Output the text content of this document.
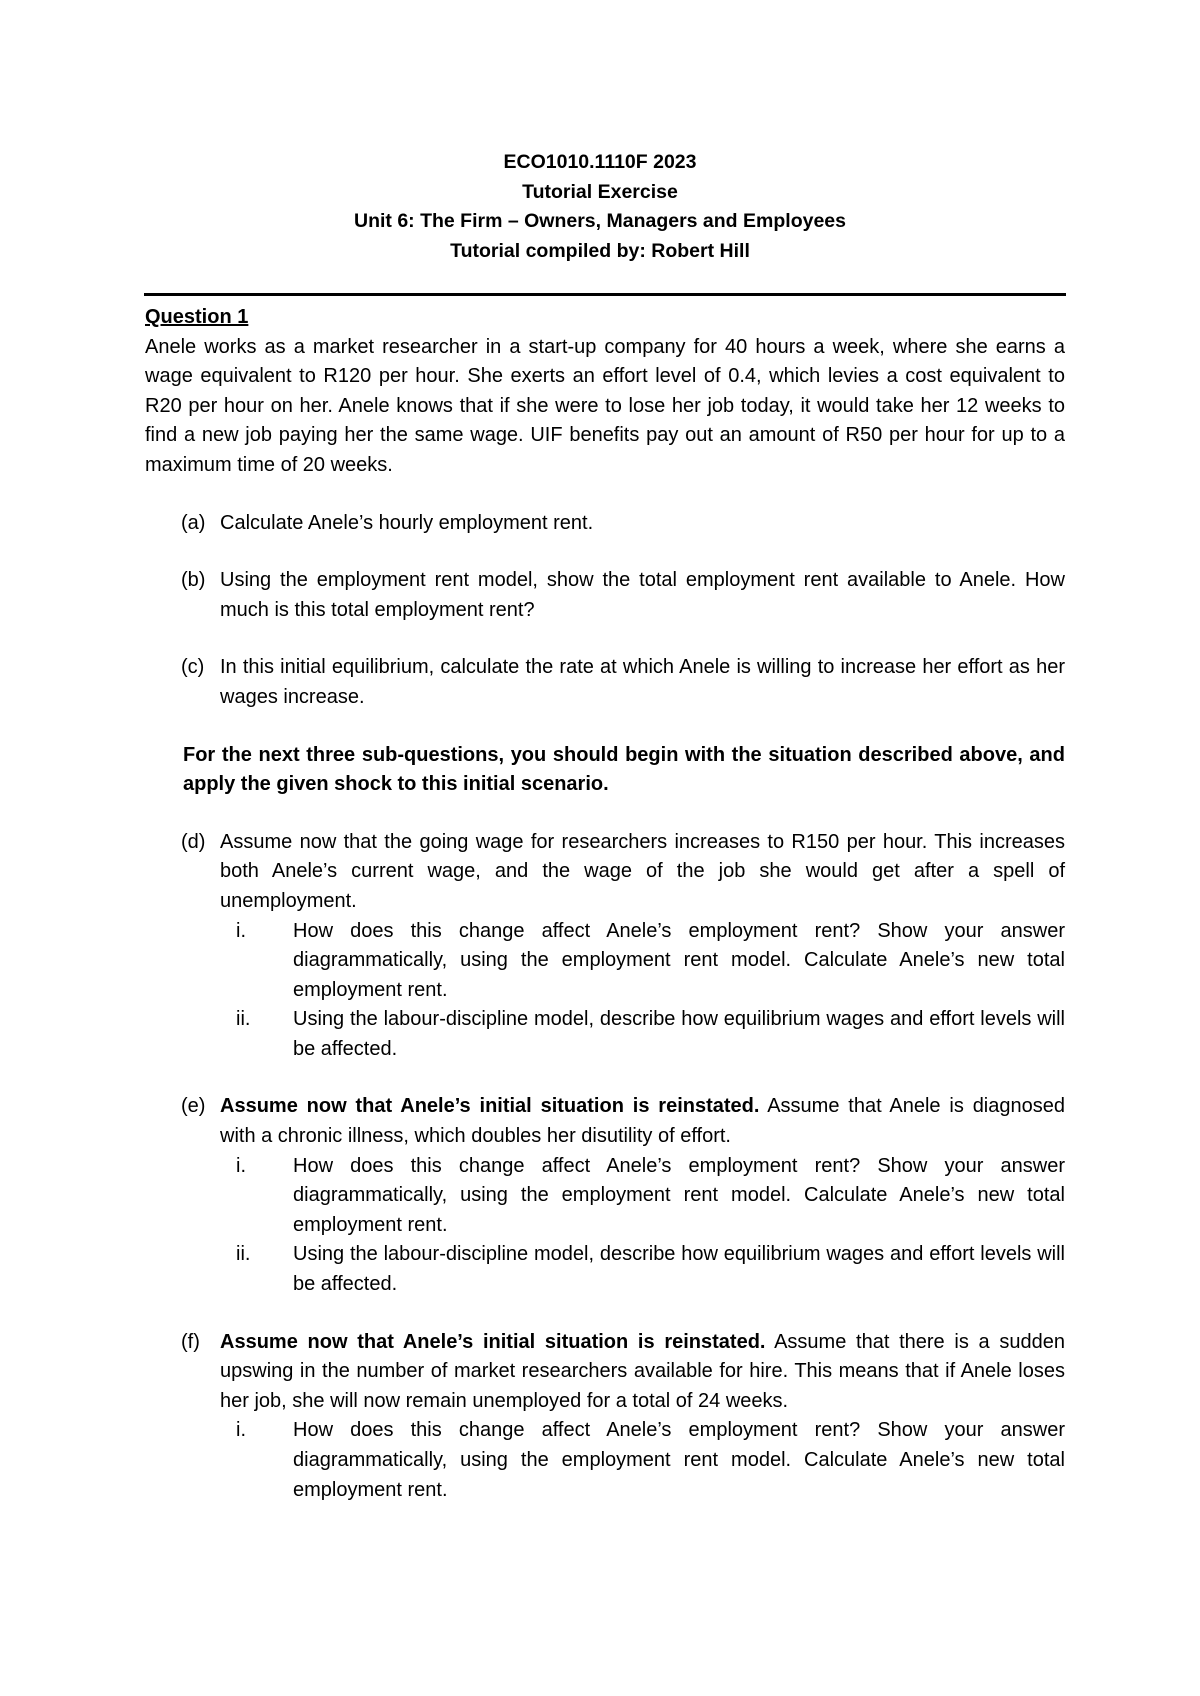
ECO1010.1110F 2023
Tutorial Exercise
Unit 6: The Firm – Owners, Managers and Employees
Tutorial compiled by: Robert Hill
Question 1

Anele works as a market researcher in a start-up company for 40 hours a week, where she earns a wage equivalent to R120 per hour. She exerts an effort level of 0.4, which levies a cost equivalent to R20 per hour on her. Anele knows that if she were to lose her job today, it would take her 12 weeks to find a new job paying her the same wage. UIF benefits pay out an amount of R50 per hour for up to a maximum time of 20 weeks.

(a) Calculate Anele’s hourly employment rent.
(b) Using the employment rent model, show the total employment rent available to Anele. How much is this total employment rent?
(c) In this initial equilibrium, calculate the rate at which Anele is willing to increase her effort as her wages increase.
For the next three sub-questions, you should begin with the situation described above, and apply the given shock to this initial scenario.
(d) Assume now that the going wage for researchers increases to R150 per hour. This increases both Anele’s current wage, and the wage of the job she would get after a spell of unemployment.
i. How does this change affect Anele’s employment rent? Show your answer diagrammatically, using the employment rent model. Calculate Anele’s new total employment rent.
ii. Using the labour-discipline model, describe how equilibrium wages and effort levels will be affected.
(e) Assume now that Anele’s initial situation is reinstated. Assume that Anele is diagnosed with a chronic illness, which doubles her disutility of effort.
i. How does this change affect Anele’s employment rent? Show your answer diagrammatically, using the employment rent model. Calculate Anele’s new total employment rent.
ii. Using the labour-discipline model, describe how equilibrium wages and effort levels will be affected.
(f) Assume now that Anele’s initial situation is reinstated. Assume that there is a sudden upswing in the number of market researchers available for hire. This means that if Anele loses her job, she will now remain unemployed for a total of 24 weeks.
i. How does this change affect Anele’s employment rent? Show your answer diagrammatically, using the employment rent model. Calculate Anele’s new total employment rent.
